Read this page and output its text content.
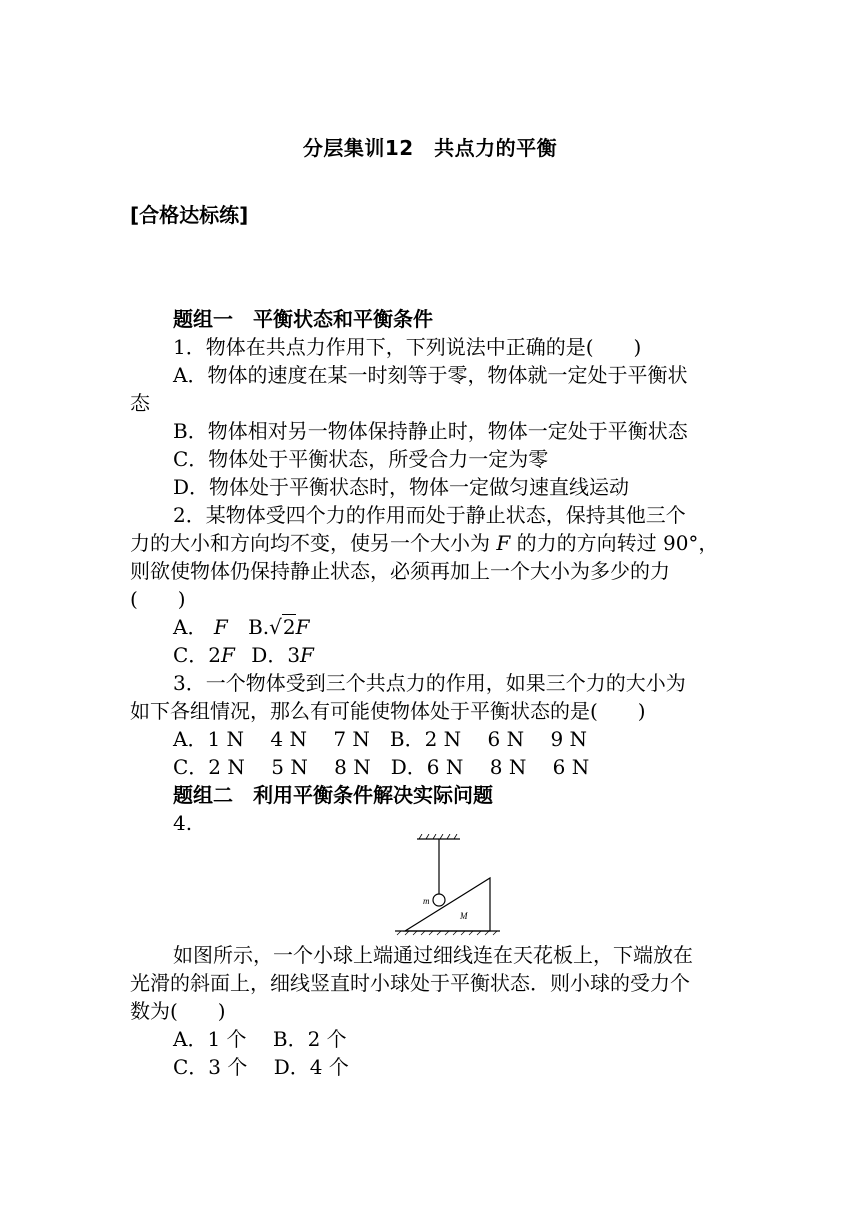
分层集训12　共点力的平衡
[合格达标练]
题组一　平衡状态和平衡条件
1．物体在共点力作用下，下列说法中正确的是(　　)
A．物体的速度在某一时刻等于零，物体就一定处于平衡状
态
B．物体相对另一物体保持静止时，物体一定处于平衡状态
C．物体处于平衡状态，所受合力一定为零
D．物体处于平衡状态时，物体一定做匀速直线运动
2．某物体受四个力的作用而处于静止状态，保持其他三个
力的大小和方向均不变，使另一个大小为 F 的力的方向转过 90°，
则欲使物体仍保持静止状态，必须再加上一个大小为多少的力
(　　)
A． F B.√2F
C．2F D．3F
3．一个物体受到三个共点力的作用，如果三个力的大小为
如下各组情况，那么有可能使物体处于平衡状态的是(　　)
A．1 N　 4 N　 7 N　B．2 N　 6 N　 9 N
C．2 N　 5 N　 8 N　D．6 N　 8 N　 6 N
题组二　利用平衡条件解决实际问题
4.
m
M
如图所示，一个小球上端通过细线连在天花板上，下端放在
光滑的斜面上，细线竖直时小球处于平衡状态．则小球的受力个
数为(　　)
A．1 个　 B．2 个
C．3 个　 D．4 个
